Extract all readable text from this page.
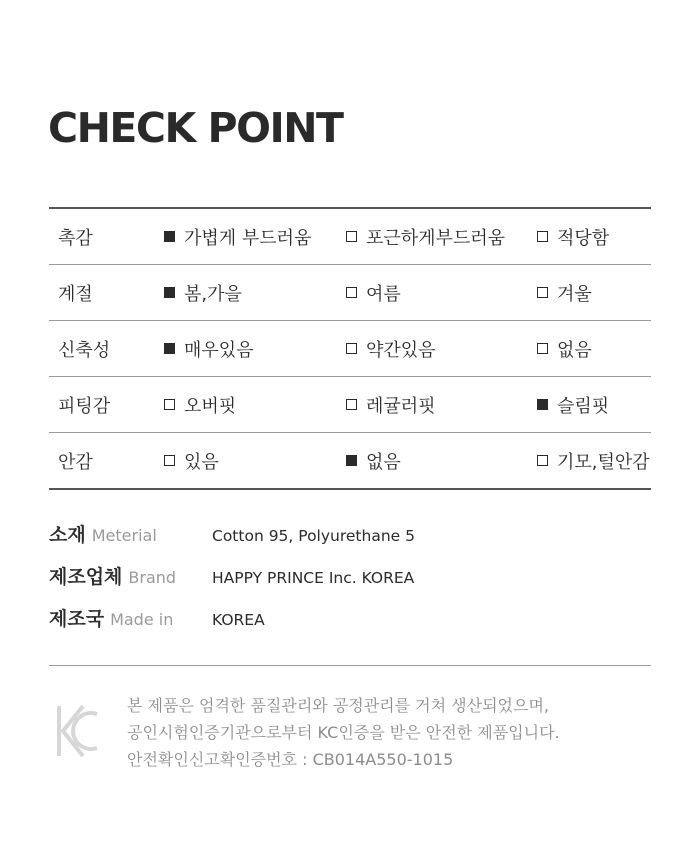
CHECK POINT
촉감	가볍게 부드러움	포근하게부드러움	적당함
계절	봄,가을	여름	겨울
신축성	매우있음	약간있음	없음
피팅감	오버핏	레귤러핏	슬림핏
안감	있음	없음	기모,털안감
소재 Meterial	Cotton 95, Polyurethane 5
제조업체 Brand	HAPPY PRINCE Inc. KOREA
제조국 Made in	KOREA
본 제품은 엄격한 품질관리와 공정관리를 거쳐 생산되었으며,
공인시험인증기관으로부터 KC인증을 받은 안전한 제품입니다.
안전확인신고확인증번호 : CB014A550-1015
